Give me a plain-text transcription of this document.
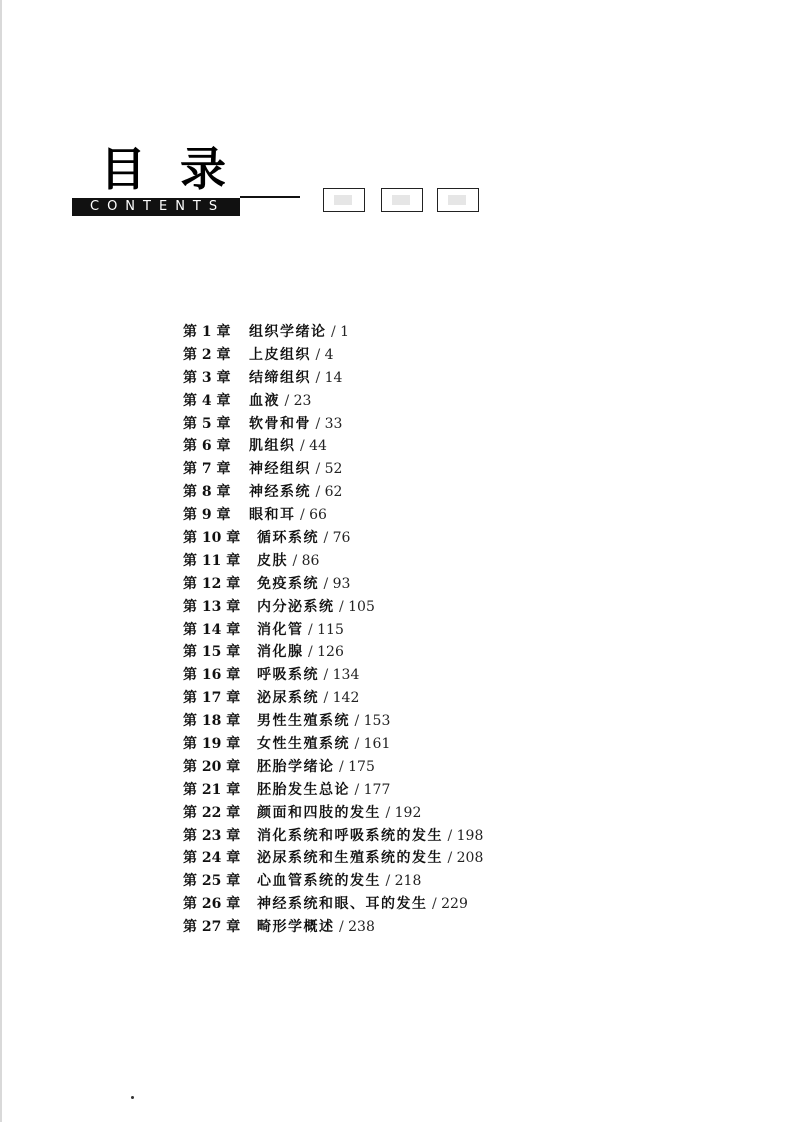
目录
CONTENTS
第 1 章 组织学绪论 / 1
第 2 章 上皮组织 / 4
第 3 章 结缔组织 / 14
第 4 章 血液 / 23
第 5 章 软骨和骨 / 33
第 6 章 肌组织 / 44
第 7 章 神经组织 / 52
第 8 章 神经系统 / 62
第 9 章 眼和耳 / 66
第 10 章 循环系统 / 76
第 11 章 皮肤 / 86
第 12 章 免疫系统 / 93
第 13 章 内分泌系统 / 105
第 14 章 消化管 / 115
第 15 章 消化腺 / 126
第 16 章 呼吸系统 / 134
第 17 章 泌尿系统 / 142
第 18 章 男性生殖系统 / 153
第 19 章 女性生殖系统 / 161
第 20 章 胚胎学绪论 / 175
第 21 章 胚胎发生总论 / 177
第 22 章 颜面和四肢的发生 / 192
第 23 章 消化系统和呼吸系统的发生 / 198
第 24 章 泌尿系统和生殖系统的发生 / 208
第 25 章 心血管系统的发生 / 218
第 26 章 神经系统和眼、耳的发生 / 229
第 27 章 畸形学概述 / 238
